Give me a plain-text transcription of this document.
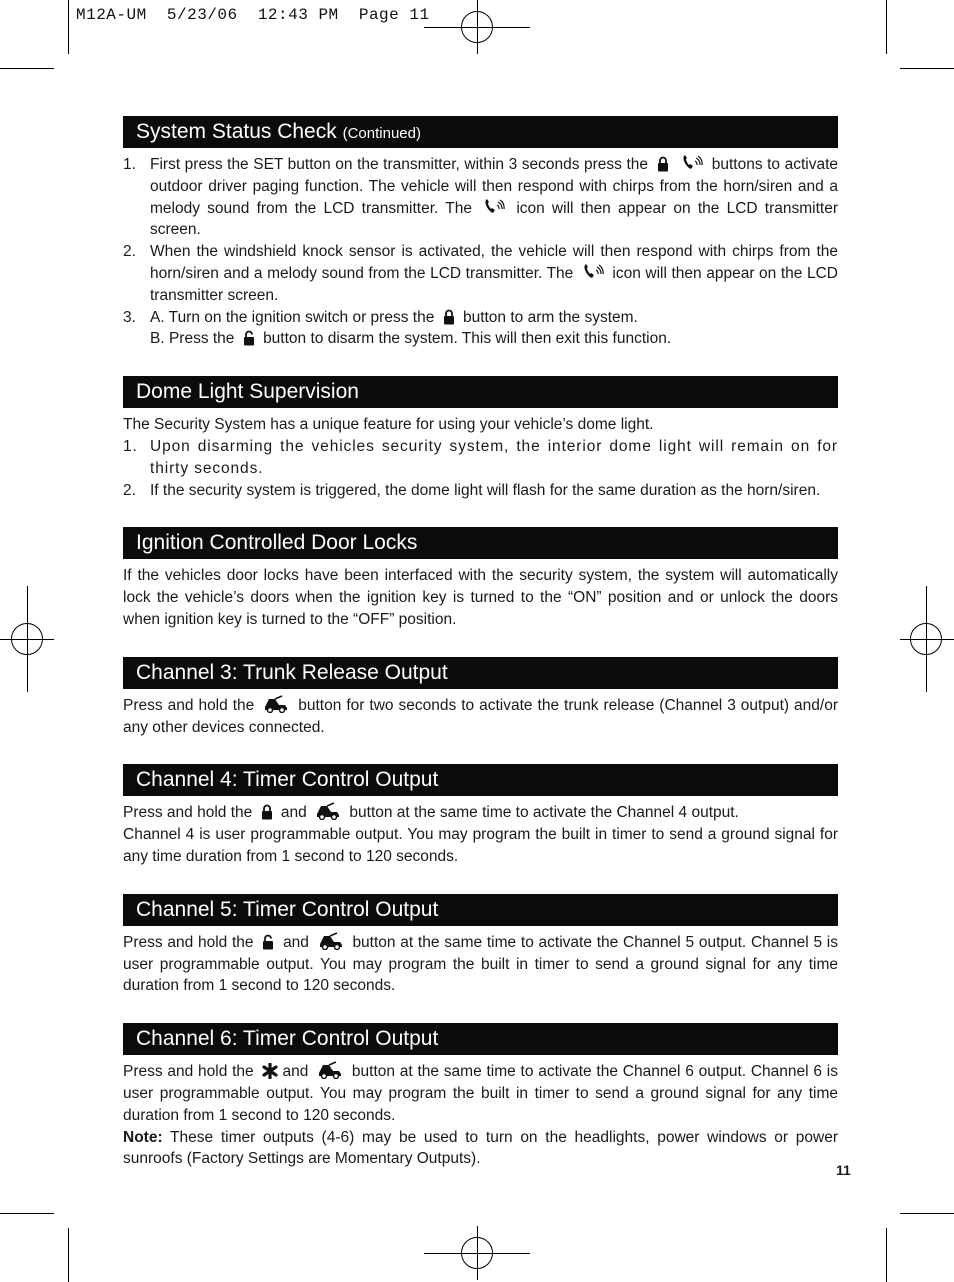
M12A-UM  5/23/06  12:43 PM  Page 11
System Status Check (Continued)
1. First press the SET button on the transmitter, within 3 seconds press the
	buttons to activate outdoor driver paging function. The vehicle will then respond with chirps from the horn/siren and a melody sound from the LCD transmitter. The	icon will then appear on the LCD transmitter screen.
2. When the windshield knock sensor is activated, the vehicle will then respond with chirps from the horn/siren and a melody sound from the LCD transmitter. The	icon will then appear on the LCD transmitter screen.
3. A. Turn on the ignition switch or press the button to arm the system.
B. Press the button to disarm the system. This will then exit this function.
Dome Light Supervision

The Security System has a unique feature for using your vehicle’s dome light.

1. Upon disarming the vehicles security system, the interior dome light will remain on for thirty seconds.
2. If the security system is triggered, the dome light will flash for the same duration as the horn/siren.
Ignition Controlled Door Locks

If the vehicles door locks have been interfaced with the security system, the system will automatically lock the vehicle’s doors when the ignition key is turned to the “ON” position and or unlock the doors when ignition key is turned to the “OFF” position.

Channel 3: Trunk Release Output

Press and hold the	button for two seconds to activate the trunk release (Channel 3 output) and/or any other devices connected.

Channel 4: Timer Control Output

Press and hold the and	button at the same time to activate the Channel 4 output.

Channel 4 is user programmable output. You may program the built in timer to send a ground signal for any time duration from 1 second to 120 seconds.

Channel 5: Timer Control Output

Press and hold the and	button at the same time to activate the Channel 5 output. Channel 5 is user programmable output. You may program the built in timer to send a ground signal for any time duration from 1 second to 120 seconds.

Channel 6: Timer Control Output

Press and hold the and	button at the same time to activate the Channel 6 output. Channel 6 is user programmable output. You may program the built in timer to send a ground signal for any time duration from 1 second to 120 seconds.

Note: These timer outputs (4-6) may be used to turn on the headlights, power windows or power sunroofs (Factory Settings are Momentary Outputs).

11
